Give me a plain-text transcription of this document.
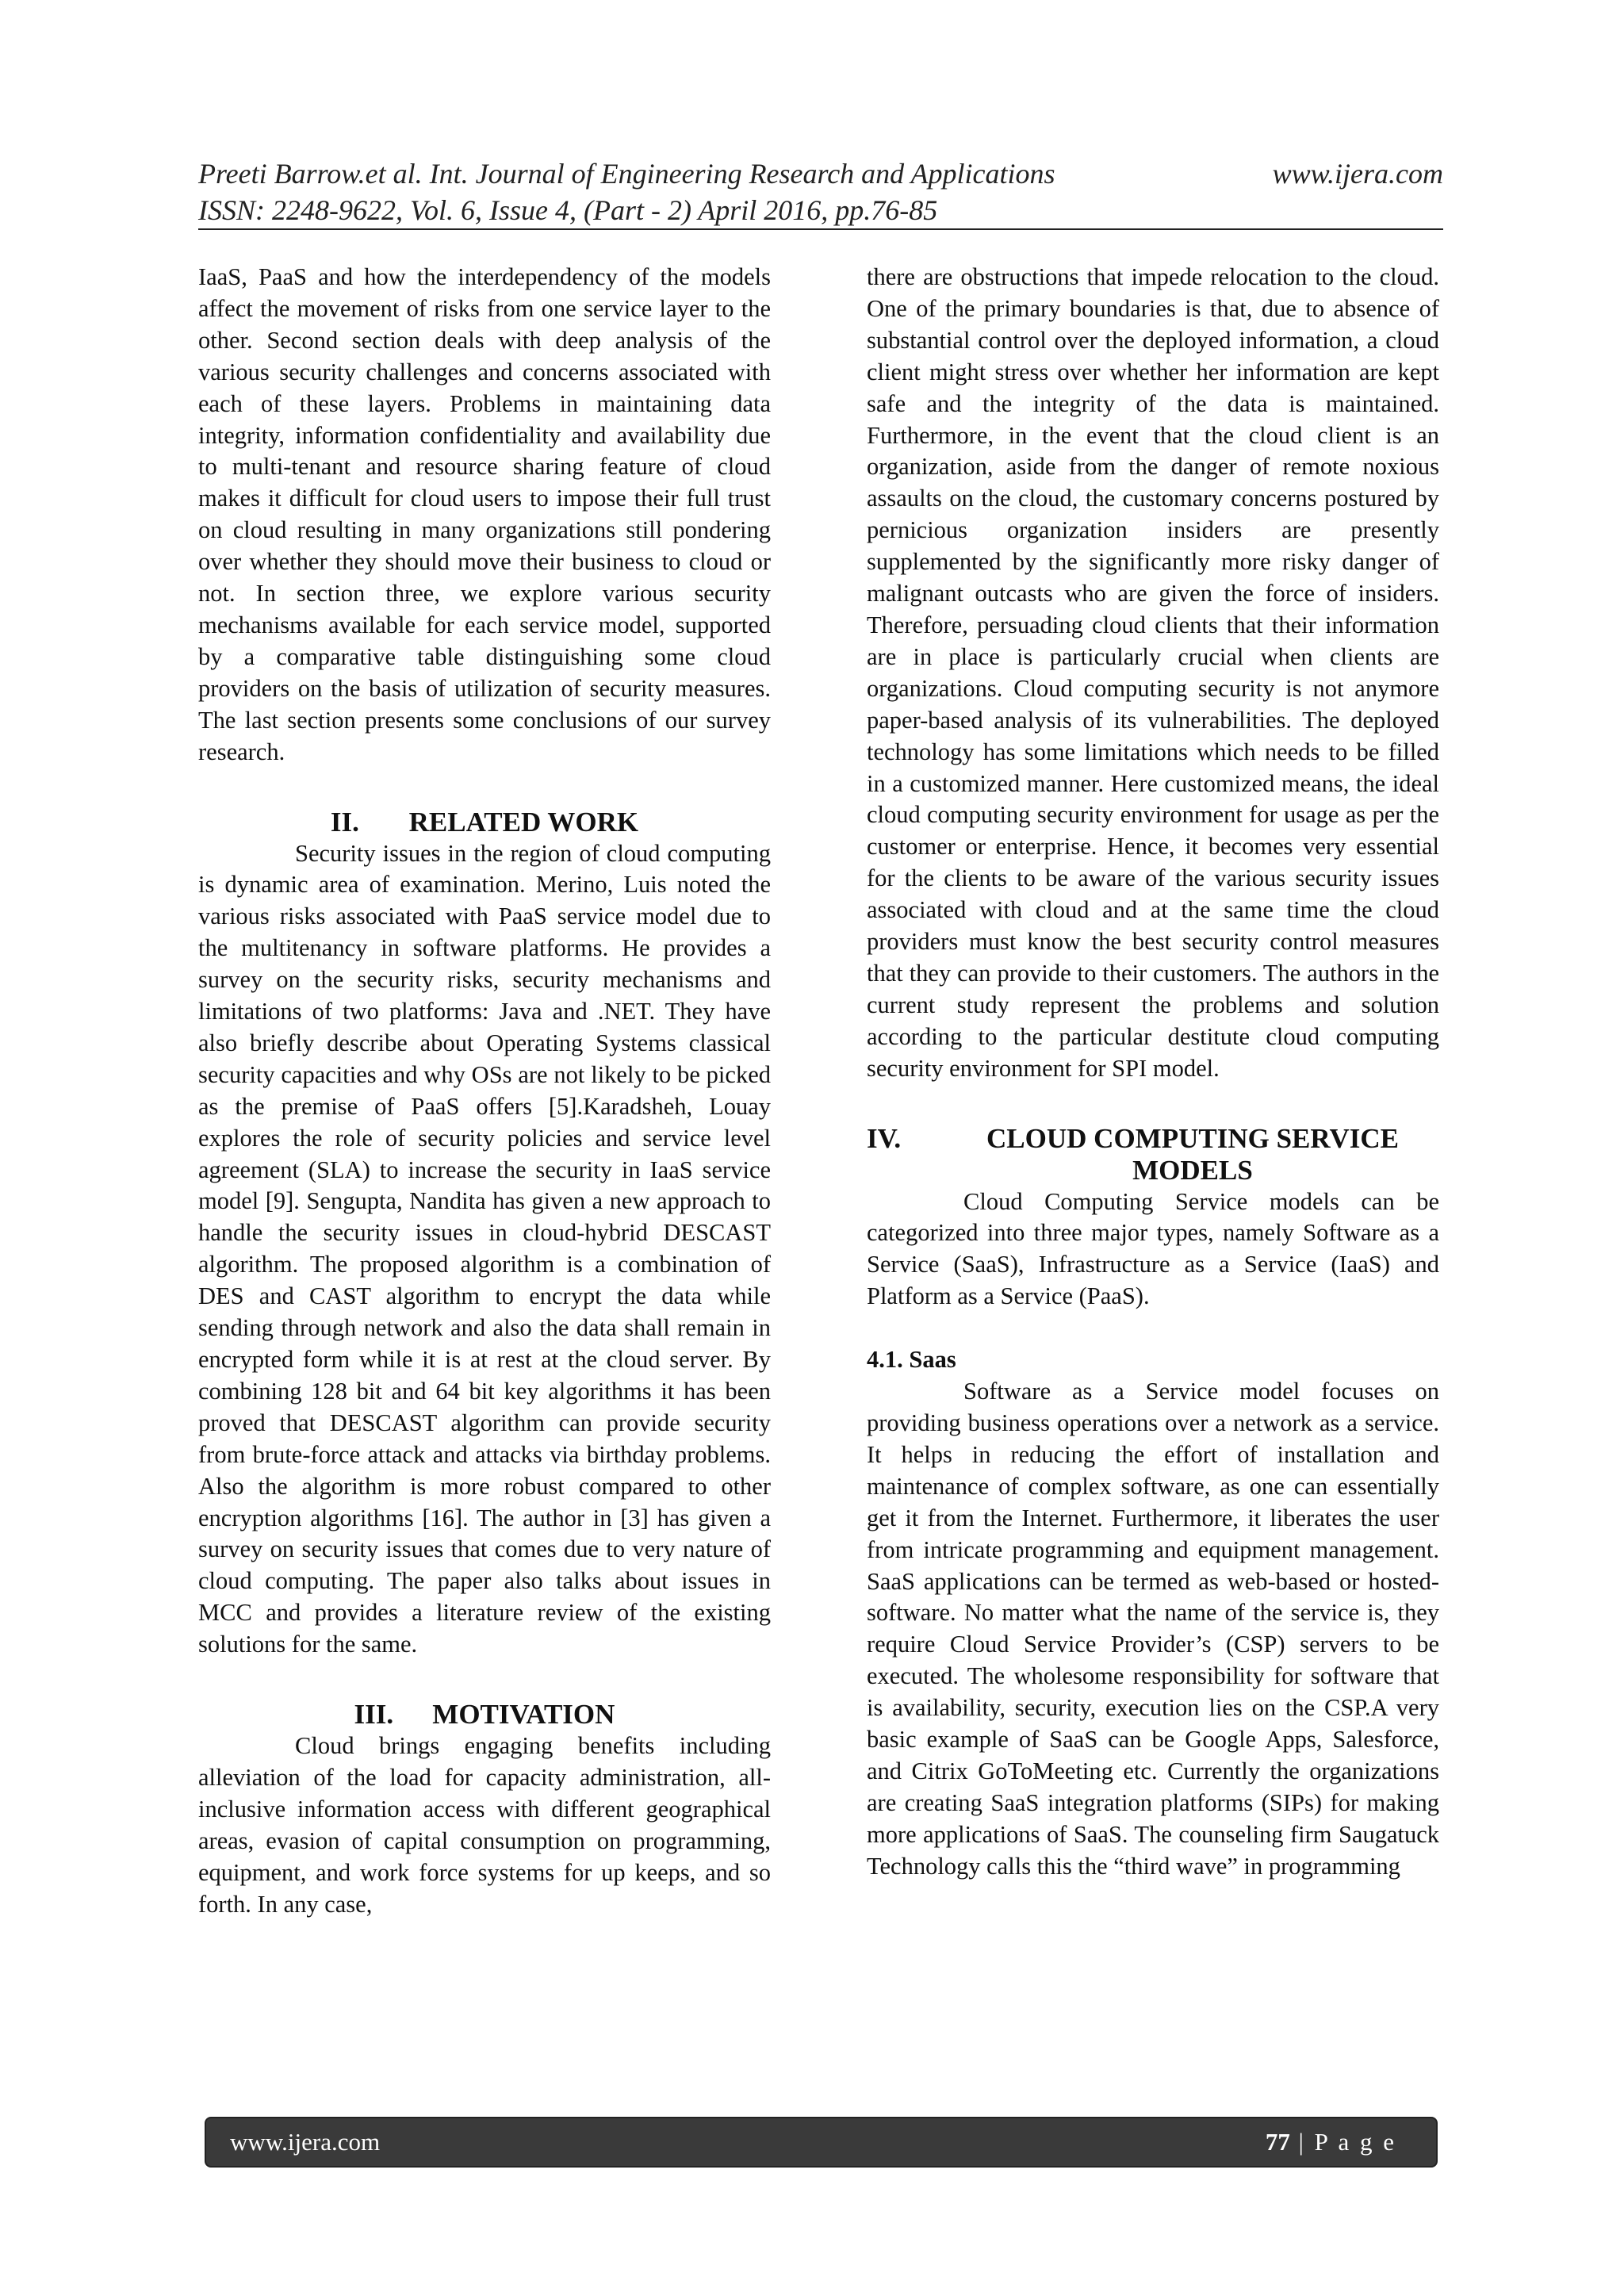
Preeti Barrow.et al. Int. Journal of Engineering Research and Applications	www.ijera.com
ISSN: 2248-9622, Vol. 6, Issue 4, (Part - 2) April 2016, pp.76-85

IaaS, PaaS and how the interdependency of the models affect the movement of risks from one service layer to the other. Second section deals with deep analysis of the various security challenges and concerns associated with each of these layers. Problems in maintaining data integrity, information confidentiality and availability due to multi-tenant and resource sharing feature of cloud makes it difficult for cloud users to impose their full trust on cloud resulting in many organizations still pondering over whether they should move their business to cloud or not. In section three, we explore various security mechanisms available for each service model, supported by a comparative table distinguishing some cloud providers on the basis of utilization of security measures. The last section presents some conclusions of our survey research.

II. RELATED WORK

Security issues in the region of cloud computing is dynamic area of examination. Merino, Luis noted the various risks associated with PaaS service model due to the multitenancy in software platforms. He provides a survey on the security risks, security mechanisms and limitations of two platforms: Java and .NET. They have also briefly describe about Operating Systems classical security capacities and why OSs are not likely to be picked as the premise of PaaS offers [5].Karadsheh, Louay explores the role of security policies and service level agreement (SLA) to increase the security in IaaS service model [9]. Sengupta, Nandita has given a new approach to handle the security issues in cloud-hybrid DESCAST algorithm. The proposed algorithm is a combination of DES and CAST algorithm to encrypt the data while sending through network and also the data shall remain in encrypted form while it is at rest at the cloud server. By combining 128 bit and 64 bit key algorithms it has been proved that DESCAST algorithm can provide security from brute-force attack and attacks via birthday problems. Also the algorithm is more robust compared to other encryption algorithms [16]. The author in [3] has given a survey on security issues that comes due to very nature of cloud computing. The paper also talks about issues in MCC and provides a literature review of the existing solutions for the same.

III. MOTIVATION

Cloud brings engaging benefits including alleviation of the load for capacity administration, all-inclusive information access with different geographical areas, evasion of capital consumption on programming, equipment, and work force systems for up keeps, and so forth. In any case,

there are obstructions that impede relocation to the cloud. One of the primary boundaries is that, due to absence of substantial control over the deployed information, a cloud client might stress over whether her information are kept safe and the integrity of the data is maintained. Furthermore, in the event that the cloud client is an organization, aside from the danger of remote noxious assaults on the cloud, the customary concerns postured by pernicious organization insiders are presently supplemented by the significantly more risky danger of malignant outcasts who are given the force of insiders. Therefore, persuading cloud clients that their information are in place is particularly crucial when clients are organizations. Cloud computing security is not anymore paper-based analysis of its vulnerabilities. The deployed technology has some limitations which needs to be filled in a customized manner. Here customized means, the ideal cloud computing security environment for usage as per the customer or enterprise. Hence, it becomes very essential for the clients to be aware of the various security issues associated with cloud and at the same time the cloud providers must know the best security control measures that they can provide to their customers. The authors in the current study represent the problems and solution according to the particular destitute cloud computing security environment for SPI model.

IV.	CLOUD COMPUTING SERVICE MODELS

Cloud Computing Service models can be categorized into three major types, namely Software as a Service (SaaS), Infrastructure as a Service (IaaS) and Platform as a Service (PaaS).

4.1. Saas

Software as a Service model focuses on providing business operations over a network as a service. It helps in reducing the effort of installation and maintenance of complex software, as one can essentially get it from the Internet. Furthermore, it liberates the user from intricate programming and equipment management. SaaS applications can be termed as web-based or hosted-software. No matter what the name of the service is, they require Cloud Service Provider’s (CSP) servers to be executed. The wholesome responsibility for software that is availability, security, execution lies on the CSP.A very basic example of SaaS can be Google Apps, Salesforce, and Citrix GoToMeeting etc. Currently the organizations are creating SaaS integration platforms (SIPs) for making more applications of SaaS. The counseling firm Saugatuck Technology calls this the “third wave” in programming

www.ijera.com	77 | P a g e
